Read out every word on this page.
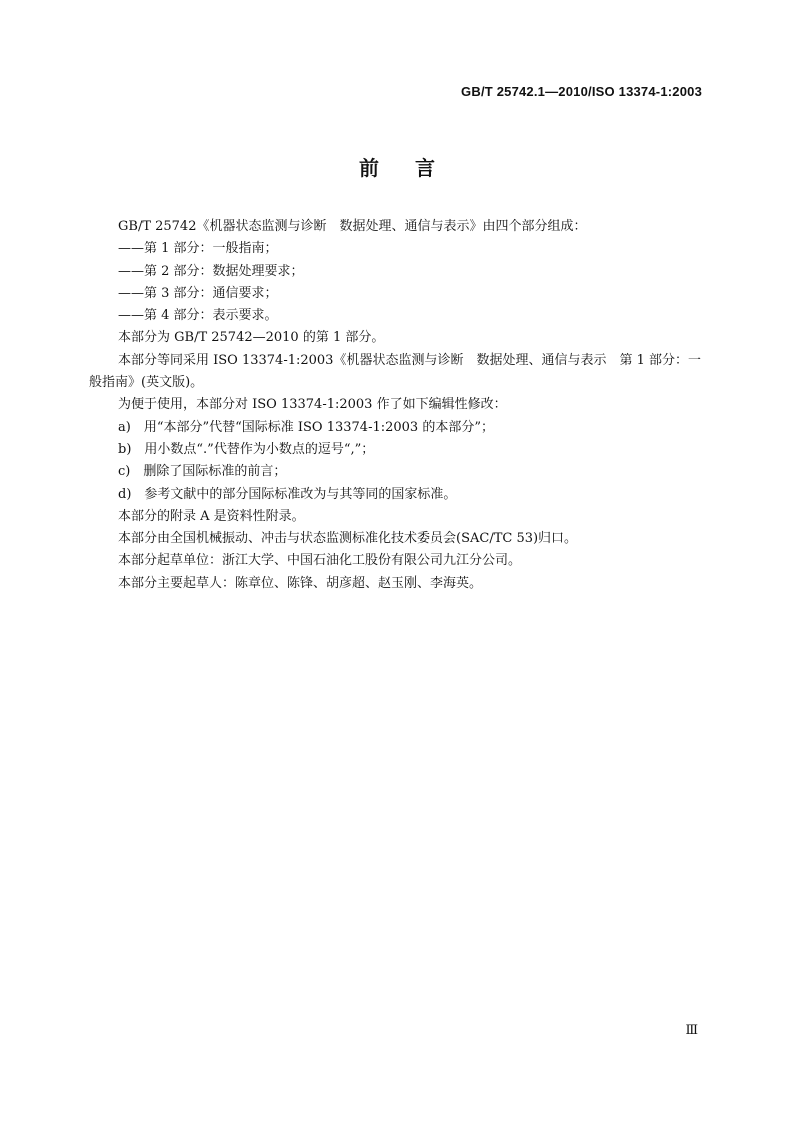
GB/T 25742.1—2010/ISO 13374-1:2003
前言

GB/T 25742《机器状态监测与诊断　数据处理、通信与表示》由四个部分组成：

——第 1 部分：一般指南；

——第 2 部分：数据处理要求；

——第 3 部分：通信要求；

——第 4 部分：表示要求。

本部分为 GB/T 25742—2010 的第 1 部分。

本部分等同采用 ISO 13374-1:2003《机器状态监测与诊断　数据处理、通信与表示　第 1 部分：一

般指南》(英文版)。

为便于使用，本部分对 ISO 13374-1:2003 作了如下编辑性修改：

a)　用“本部分”代替“国际标准 ISO 13374-1:2003 的本部分”；

b)　用小数点“.”代替作为小数点的逗号“,”；

c)　删除了国际标准的前言；

d)　参考文献中的部分国际标准改为与其等同的国家标准。

本部分的附录 A 是资料性附录。

本部分由全国机械振动、冲击与状态监测标准化技术委员会(SAC/TC 53)归口。

本部分起草单位：浙江大学、中国石油化工股份有限公司九江分公司。

本部分主要起草人：陈章位、陈锋、胡彦超、赵玉刚、李海英。

Ⅲ
